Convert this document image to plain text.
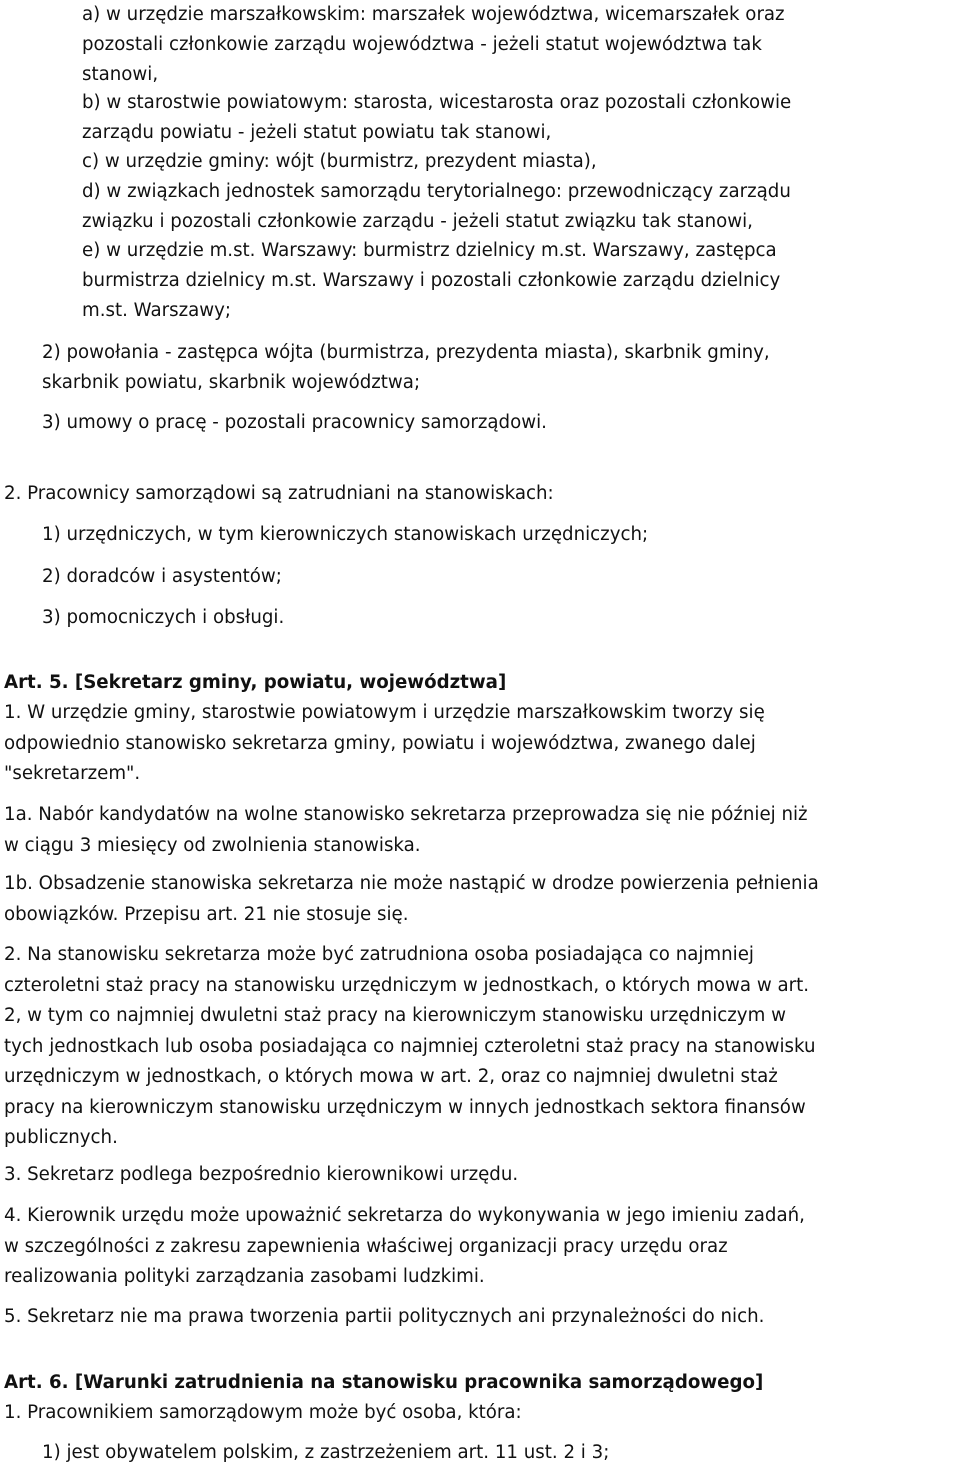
a) w urzędzie marszałkowskim: marszałek województwa, wicemarszałek oraz
pozostali członkowie zarządu województwa - jeżeli statut województwa tak
stanowi,
b) w starostwie powiatowym: starosta, wicestarosta oraz pozostali członkowie
zarządu powiatu - jeżeli statut powiatu tak stanowi,
c) w urzędzie gminy: wójt (burmistrz, prezydent miasta),
d) w związkach jednostek samorządu terytorialnego: przewodniczący zarządu
związku i pozostali członkowie zarządu - jeżeli statut związku tak stanowi,
e) w urzędzie m.st. Warszawy: burmistrz dzielnicy m.st. Warszawy, zastępca
burmistrza dzielnicy m.st. Warszawy i pozostali członkowie zarządu dzielnicy
m.st. Warszawy;
2) powołania - zastępca wójta (burmistrza, prezydenta miasta), skarbnik gminy,
skarbnik powiatu, skarbnik województwa;
3) umowy o pracę - pozostali pracownicy samorządowi.
2. Pracownicy samorządowi są zatrudniani na stanowiskach:
1) urzędniczych, w tym kierowniczych stanowiskach urzędniczych;
2) doradców i asystentów;
3) pomocniczych i obsługi.
Art. 5. [Sekretarz gminy, powiatu, województwa]
1. W urzędzie gminy, starostwie powiatowym i urzędzie marszałkowskim tworzy się
odpowiednio stanowisko sekretarza gminy, powiatu i województwa, zwanego dalej
"sekretarzem".
1a. Nabór kandydatów na wolne stanowisko sekretarza przeprowadza się nie później niż
w ciągu 3 miesięcy od zwolnienia stanowiska.
1b. Obsadzenie stanowiska sekretarza nie może nastąpić w drodze powierzenia pełnienia
obowiązków. Przepisu art. 21 nie stosuje się.
2. Na stanowisku sekretarza może być zatrudniona osoba posiadająca co najmniej
czteroletni staż pracy na stanowisku urzędniczym w jednostkach, o których mowa w art.
2, w tym co najmniej dwuletni staż pracy na kierowniczym stanowisku urzędniczym w
tych jednostkach lub osoba posiadająca co najmniej czteroletni staż pracy na stanowisku
urzędniczym w jednostkach, o których mowa w art. 2, oraz co najmniej dwuletni staż
pracy na kierowniczym stanowisku urzędniczym w innych jednostkach sektora finansów
publicznych.
3. Sekretarz podlega bezpośrednio kierownikowi urzędu.
4. Kierownik urzędu może upoważnić sekretarza do wykonywania w jego imieniu zadań,
w szczególności z zakresu zapewnienia właściwej organizacji pracy urzędu oraz
realizowania polityki zarządzania zasobami ludzkimi.
5. Sekretarz nie ma prawa tworzenia partii politycznych ani przynależności do nich.
Art. 6. [Warunki zatrudnienia na stanowisku pracownika samorządowego]
1. Pracownikiem samorządowym może być osoba, która:
1) jest obywatelem polskim, z zastrzeżeniem art. 11 ust. 2 i 3;
